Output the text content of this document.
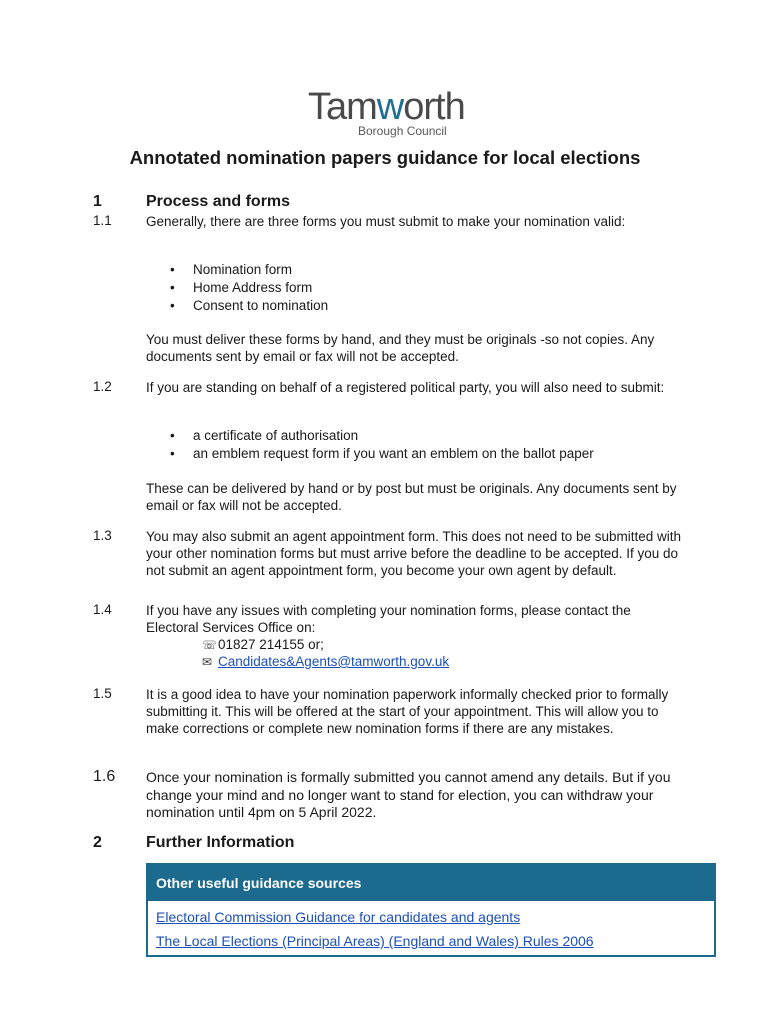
Tamworth
Borough Council
Annotated nomination papers guidance for local elections
1	Process and forms
1.1	Generally, there are three forms you must submit to make your nomination valid:
• Nomination form
• Home Address form
• Consent to nomination
You must deliver these forms by hand, and they must be originals -so not copies. Any documents sent by email or fax will not be accepted.
1.2	If you are standing on behalf of a registered political party, you will also need to submit:
• a certificate of authorisation
• an emblem request form if you want an emblem on the ballot paper
These can be delivered by hand or by post but must be originals. Any documents sent by email or fax will not be accepted.
1.3	You may also submit an agent appointment form. This does not need to be submitted with your other nomination forms but must arrive before the deadline to be accepted. If you do not submit an agent appointment form, you become your own agent by default.
1.4	If you have any issues with completing your nomination forms, please contact the Electoral Services Office on:
☏01827 214155 or;
✉ Candidates&Agents@tamworth.gov.uk
1.5	It is a good idea to have your nomination paperwork informally checked prior to formally submitting it. This will be offered at the start of your appointment. This will allow you to make corrections or complete new nomination forms if there are any mistakes.
1.6 Once your nomination is formally submitted you cannot amend any details. But if you change your mind and no longer want to stand for election, you can withdraw your nomination until 4pm on 5 April 2022.
2	Further Information
Other useful guidance sources
Electoral Commission Guidance for candidates and agents
The Local Elections (Principal Areas) (England and Wales) Rules 2006
